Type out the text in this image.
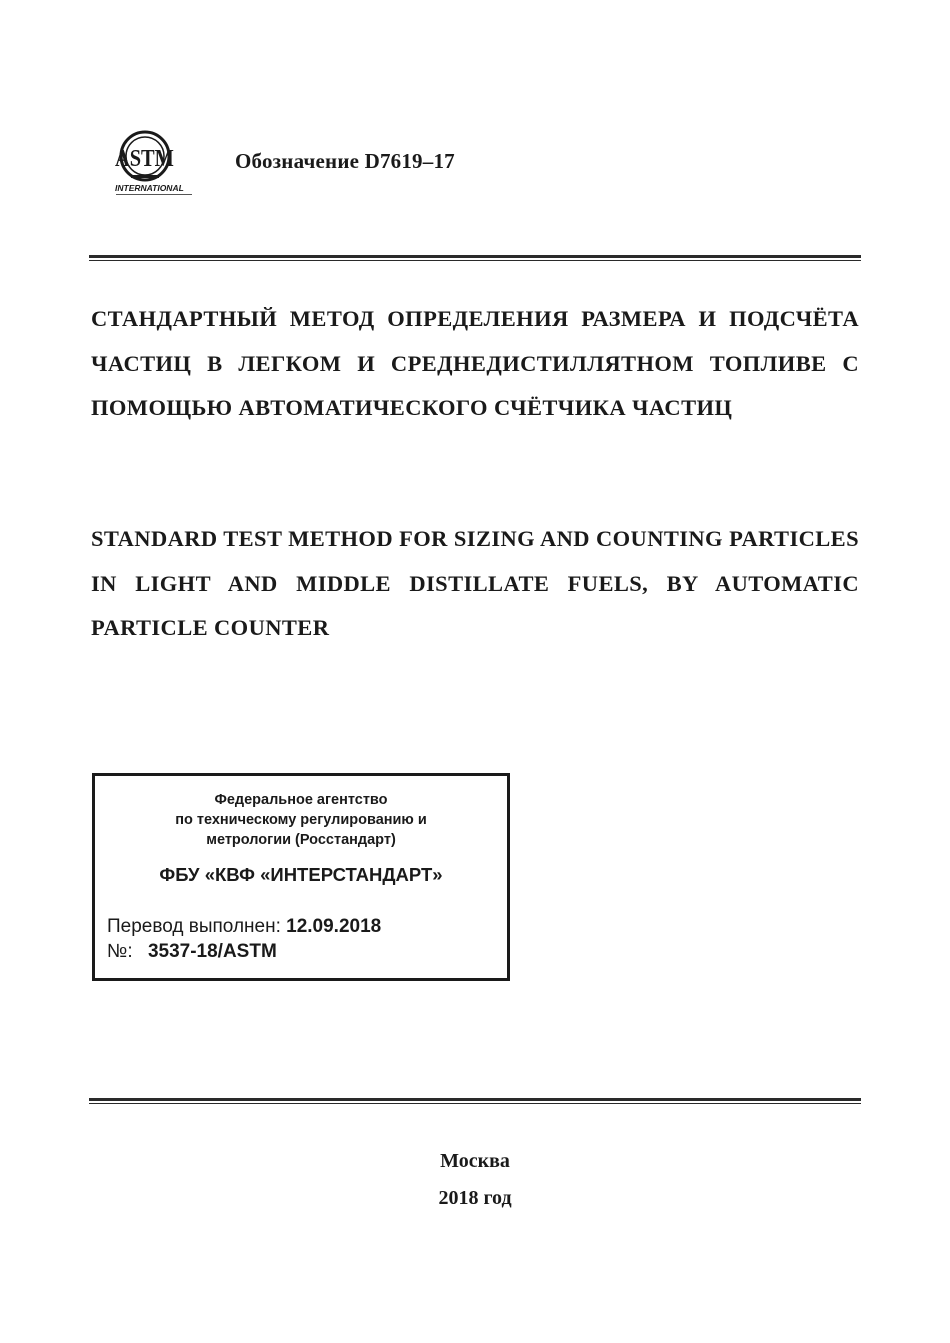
ASTM
INTERNATIONAL
Обозначение D7619–17
СТАНДАРТНЫЙ МЕТОД ОПРЕДЕЛЕНИЯ РАЗМЕРА И ПОДСЧЁТА ЧАСТИЦ В ЛЕГКОМ И СРЕДНЕДИСТИЛЛЯТНОМ ТОПЛИВЕ С ПОМОЩЬЮ АВТОМАТИЧЕСКОГО СЧЁТЧИКА ЧАСТИЦ
STANDARD TEST METHOD FOR SIZING AND COUNTING PARTICLES IN LIGHT AND MIDDLE DISTILLATE FUELS, BY AUTOMATIC PARTICLE COUNTER
Федеральное агентство
по техническому регулированию и
метрологии (Росстандарт)
ФБУ «КВФ «ИНТЕРСТАНДАРТ»
Перевод выполнен: 12.09.2018
№: 3537-18/ASTM
Москва
2018 год
